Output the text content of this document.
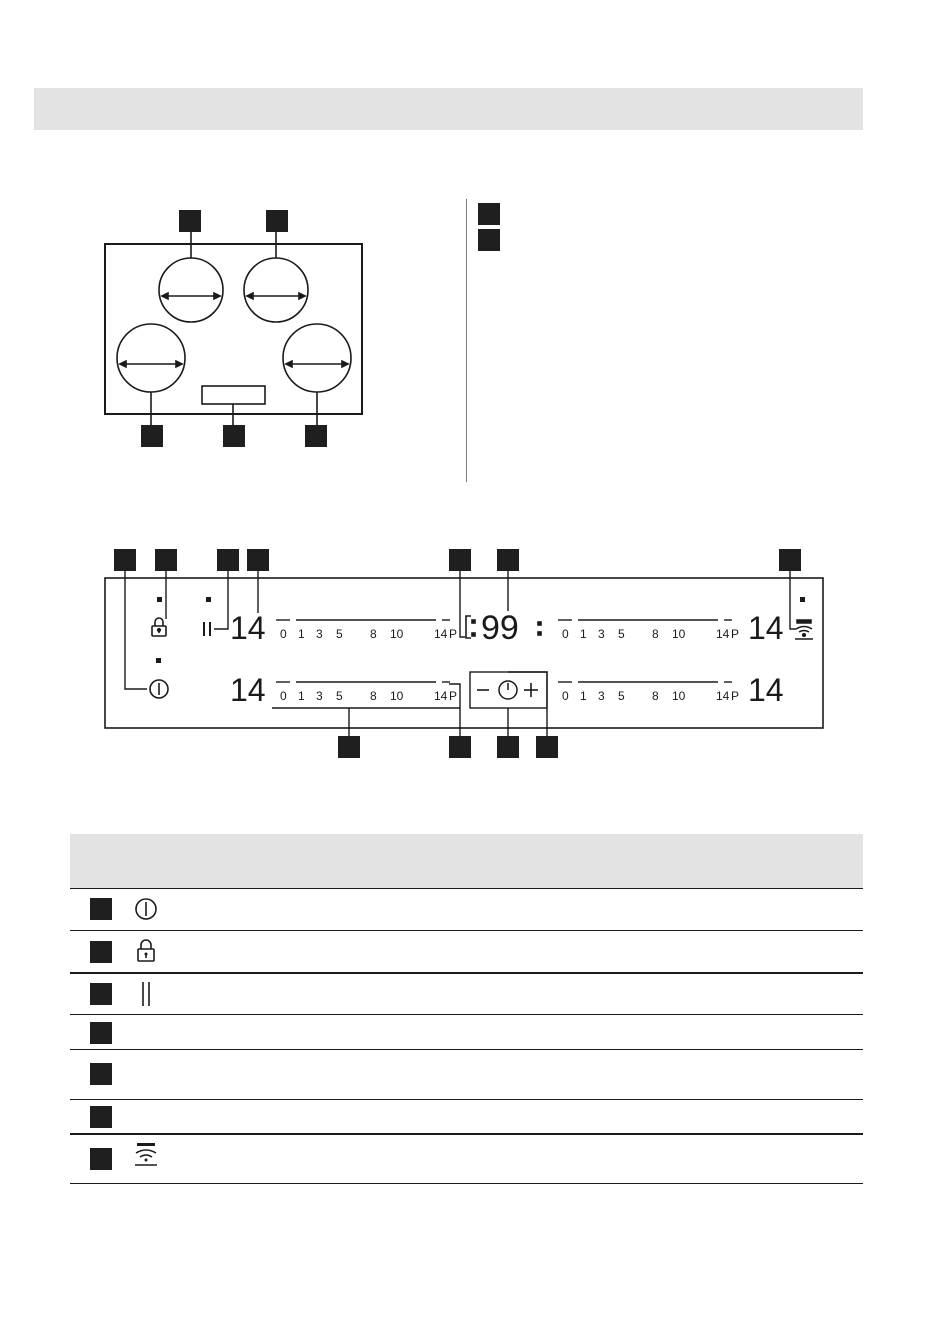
99
14
14
14
14
0 1 3 5 8 10	14 P
0 1 3 5 8 10	14 P
0 1 3 5 8 10	14 P
0 1 3 5 8 10	14 P
